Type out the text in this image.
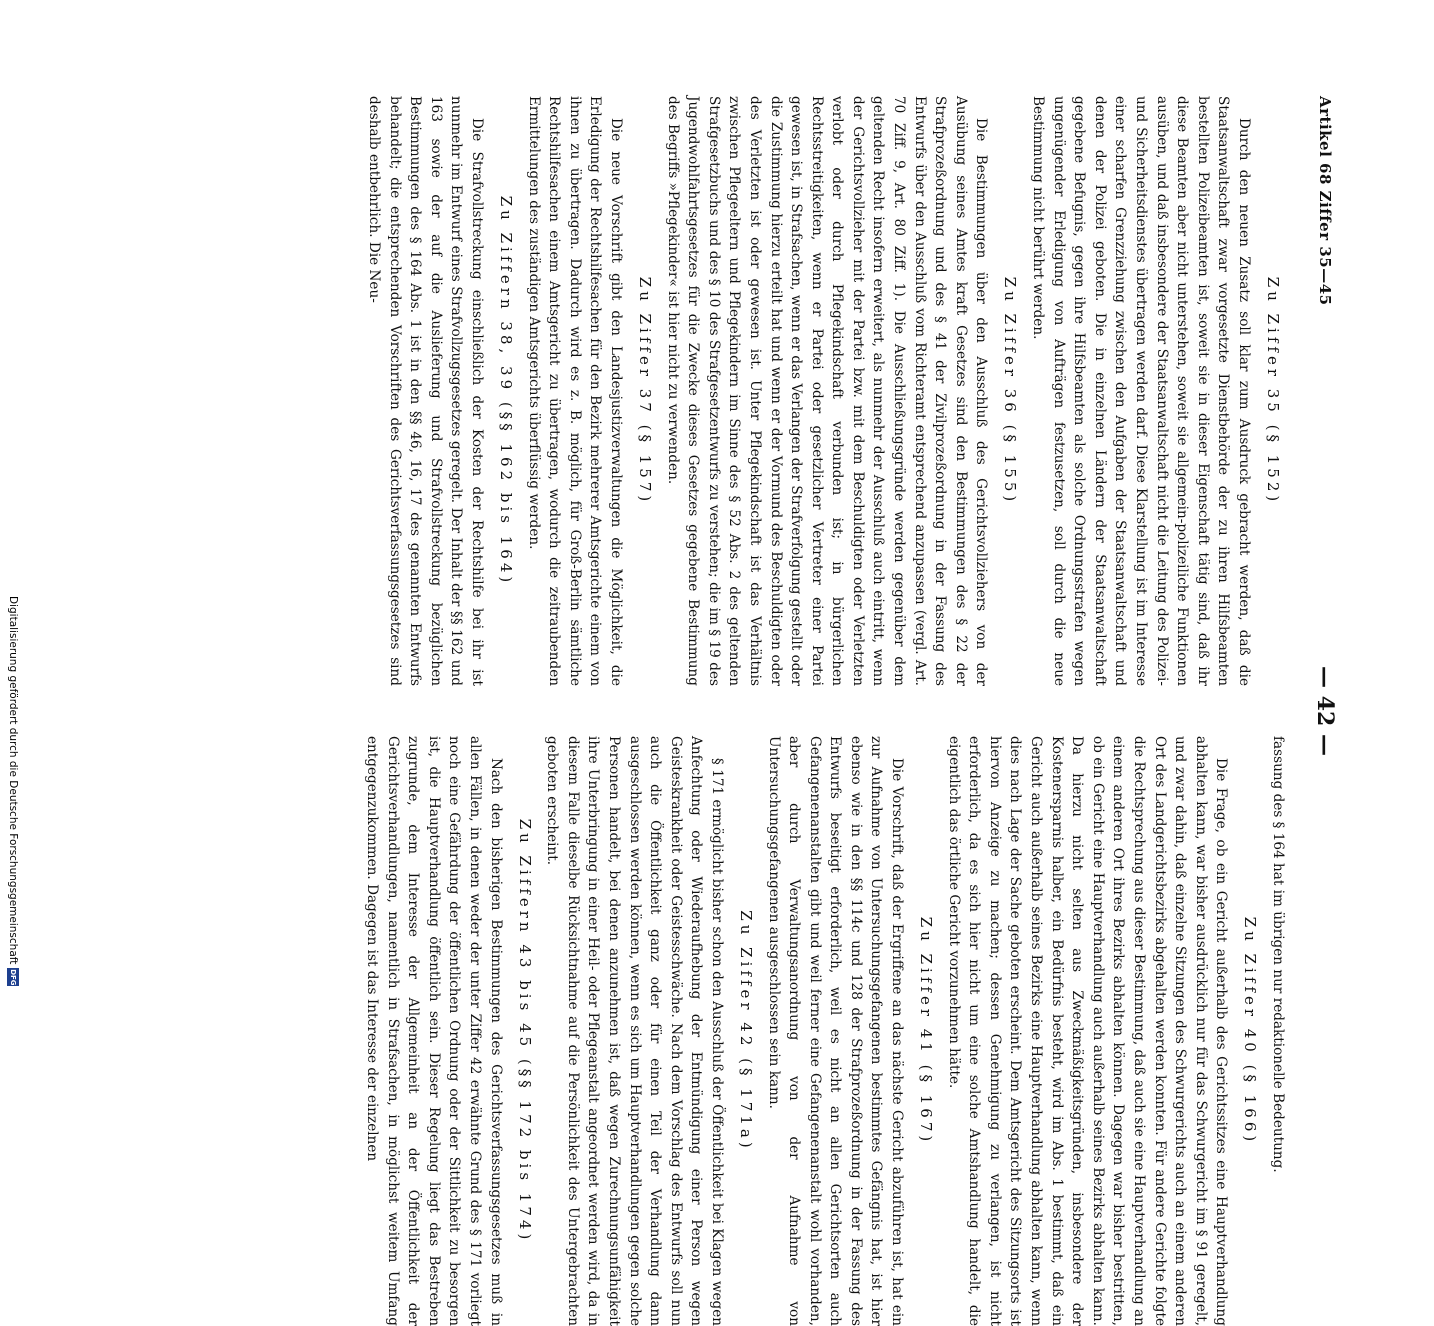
Artikel 68 Ziffer 35—45
— 42 —
Zu Ziffer 35 (§ 152)

Durch den neuen Zusatz soll klar zum Ausdruck gebracht werden, daß die Staatsanwaltschaft zwar vorgesetzte Dienstbehörde der zu ihren Hilfsbeamten bestellten Polizeibeamten ist, soweit sie in dieser Eigenschaft tätig sind, daß ihr diese Beamten aber nicht unterstehen, soweit sie allgemein-polizeiliche Funktionen ausüben, und daß insbesondere der Staatsanwaltschaft nicht die Leitung des Polizei- und Sicherheitsdienstes übertragen werden darf. Diese Klarstellung ist im Interesse einer scharfen Grenzziehung zwischen den Aufgaben der Staatsanwaltschaft und denen der Polizei geboten. Die in einzelnen Ländern der Staatsanwaltschaft gegebene Befugnis, gegen ihre Hilfsbeamten als solche Ordnungsstrafen wegen ungenügender Erledigung von Aufträgen festzusetzen, soll durch die neue Bestimmung nicht berührt werden.

Zu Ziffer 36 (§ 155)

Die Bestimmungen über den Ausschluß des Gerichtsvollziehers von der Ausübung seines Amtes kraft Gesetzes sind den Bestimmungen des § 22 der Strafprozeßordnung und des § 41 der Zivilprozeßordnung in der Fassung des Entwurfs über den Ausschluß vom Richteramt entsprechend anzupassen (vergl. Art. 70 Ziff. 9, Art. 80 Ziff. 1). Die Ausschließungsgründe werden gegenüber dem geltenden Recht insofern erweitert, als nunmehr der Ausschluß auch eintritt, wenn der Gerichtsvollzieher mit der Partei bzw. mit dem Beschuldigten oder Verletzten verlobt oder durch Pflegekindschaft verbunden ist; in bürgerlichen Rechtsstreitigkeiten, wenn er Partei oder gesetzlicher Vertreter einer Partei gewesen ist, in Strafsachen, wenn er das Verlangen der Strafverfolgung gestellt oder die Zustimmung hierzu erteilt hat und wenn er der Vormund des Beschuldigten oder des Verletzten ist oder gewesen ist. Unter Pflegekindschaft ist das Verhältnis zwischen Pflegeeltern und Pflegekindern im Sinne des § 52 Abs. 2 des geltenden Strafgesetzbuchs und des § 10 des Strafgesetzentwurfs zu verstehen; die im § 19 des Jugendwohlfahrtsgesetzes für die Zwecke dieses Gesetzes gegebene Bestimmung des Begriffs »Pflegekinder« ist hier nicht zu verwenden.

Zu Ziffer 37 (§ 157)

Die neue Vorschrift gibt den Landesjustizverwaltungen die Möglichkeit, die Erledigung der Rechtshilfesachen für den Bezirk mehrerer Amtsgerichte einem von ihnen zu übertragen. Dadurch wird es z. B. möglich, für Groß-Berlin sämtliche Rechtshilfesachen einem Amtsgericht zu übertragen, wodurch die zeitraubenden Ermittelungen des zuständigen Amtsgerichts überflüssig werden.

Zu Ziffern 38, 39 (§§ 162 bis 164)

Die Strafvollstreckung einschließlich der Kosten der Rechtshilfe bei ihr ist nunmehr im Entwurf eines Strafvollzugsgesetzes geregelt. Der Inhalt der §§ 162 und 163 sowie der auf die Auslieferung und Strafvollstreckung bezüglichen Bestimmungen des § 164 Abs. 1 ist in den §§ 46, 16, 17 des genannten Entwurfs behandelt; die entsprechenden Vorschriften des Gerichtsverfassungsgesetzes sind deshalb entbehrlich. Die Neu-

fassung des § 164 hat im übrigen nur redaktionelle Bedeutung.

Zu Ziffer 40 (§ 166)

Die Frage, ob ein Gericht außerhalb des Gerichtssitzes eine Hauptverhandlung abhalten kann, war bisher ausdrücklich nur für das Schwurgericht im § 91 geregelt, und zwar dahin, daß einzelne Sitzungen des Schwurgerichts auch an einem anderen Ort des Landgerichtsbezirks abgehalten werden konnten. Für andere Gerichte folgte die Rechtsprechung aus dieser Bestimmung, daß auch sie eine Hauptverhandlung an einem anderen Ort ihres Bezirks abhalten können. Dagegen war bisher bestritten, ob ein Gericht eine Hauptverhandlung auch außerhalb seines Bezirks abhalten kann. Da hierzu nicht selten aus Zweckmäßigkeitsgründen, insbesondere der Kostenersparnis halber, ein Bedürfnis besteht, wird im Abs. 1 bestimmt, daß ein Gericht auch außerhalb seines Bezirks eine Hauptverhandlung abhalten kann, wenn dies nach Lage der Sache geboten erscheint. Dem Amtsgericht des Sitzungsorts ist hiervon Anzeige zu machen; dessen Genehmigung zu verlangen, ist nicht erforderlich, da es sich hier nicht um eine solche Amtshandlung handelt, die eigentlich das örtliche Gericht vorzunehmen hätte.

Zu Ziffer 41 (§ 167)

Die Vorschrift, daß der Ergriffene an das nächste Gericht abzuführen ist, hat ein zur Aufnahme von Untersuchungsgefangenen bestimmtes Gefängnis hat, ist hier ebenso wie in den §§ 114c und 128 der Strafprozeßordnung in der Fassung des Entwurfs beseitigt erforderlich, weil es nicht an allen Gerichtsorten auch Gefangenenanstalten gibt und weil ferner eine Gefangenenanstalt wohl vorhanden, aber durch Verwaltungsanordnung von der Aufnahme von Untersuchungsgefangenen ausgeschlossen sein kann.

Zu Ziffer 42 (§ 171a)

§ 171 ermöglicht bisher schon den Ausschluß der Öffentlichkeit bei Klagen wegen Anfechtung oder Wiederaufhebung der Entmündigung einer Person wegen Geisteskrankheit oder Geistesschwäche. Nach dem Vorschlag des Entwurfs soll nun auch die Öffentlichkeit ganz oder für einen Teil der Verhandlung dann ausgeschlossen werden können, wenn es sich um Hauptverhandlungen gegen solche Personen handelt, bei denen anzunehmen ist, daß wegen Zurechnungsunfähigkeit ihre Unterbringung in einer Heil- oder Pflegeanstalt angeordnet werden wird, da in diesem Falle dieselbe Rücksichtnahme auf die Persönlichkeit des Untergebrachten geboten erscheint.

Zu Ziffern 43 bis 45 (§§ 172 bis 174)

Nach den bisherigen Bestimmungen des Gerichtsverfassungsgesetzes muß in allen Fällen, in denen weder der unter Ziffer 42 erwähnte Grund des § 171 vorliegt noch eine Gefährdung der öffentlichen Ordnung oder der Sittlichkeit zu besorgen ist, die Hauptverhandlung öffentlich sein. Dieser Regelung liegt das Bestreben zugrunde, dem Interesse der Allgemeinheit an der Öffentlichkeit der Gerichtsverhandlungen, namentlich in Strafsachen, in möglichst weitem Umfang entgegenzukommen. Dagegen ist das Interesse der einzelnen

Digitalisierung gefördert durch die Deutsche Forschungsgemeinschaft
DFG
